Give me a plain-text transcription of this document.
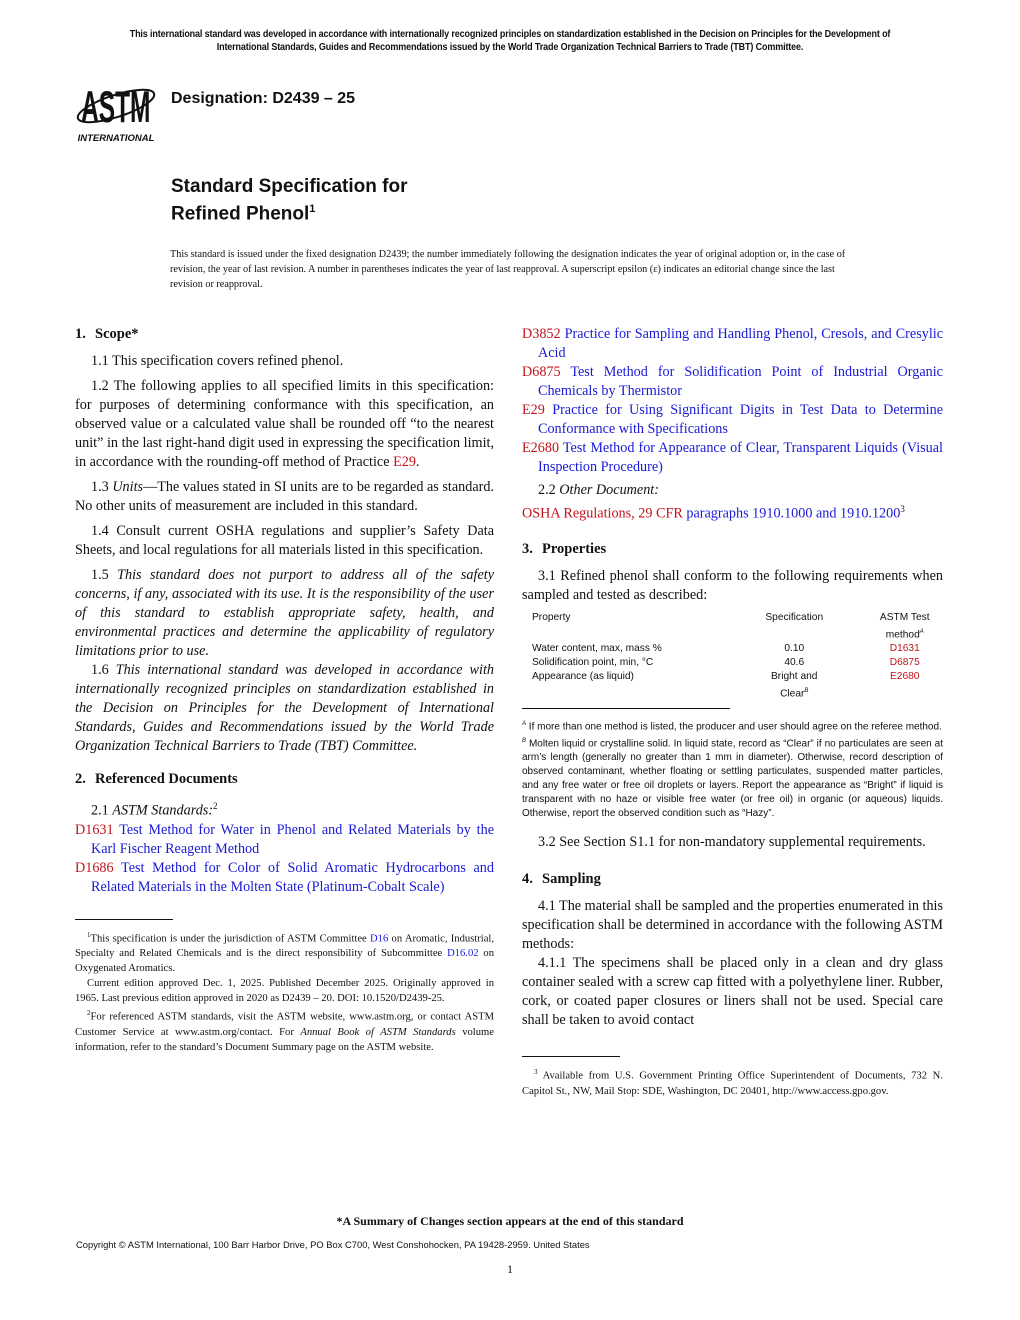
This international standard was developed in accordance with internationally recognized principles on standardization established in the Decision on Principles for the Development of International Standards, Guides and Recommendations issued by the World Trade Organization Technical Barriers to Trade (TBT) Committee.
ASTM
INTERNATIONAL
Designation: D2439 – 25
Standard Specification for
Refined Phenol$^1$
This standard is issued under the fixed designation D2439; the number immediately following the designation indicates the year of original adoption or, in the case of revision, the year of last revision. A number in parentheses indicates the year of last reapproval. A superscript epsilon (ε) indicates an editorial change since the last revision or reapproval.
1. Scope*

1.1 This specification covers refined phenol.

1.2 The following applies to all specified limits in this specification: for purposes of determining conformance with this specification, an observed value or a calculated value shall be rounded off “to the nearest unit” in the last right-hand digit used in expressing the specification limit, in accordance with the rounding-off method of Practice E29.

1.3 Units—The values stated in SI units are to be regarded as standard. No other units of measurement are included in this standard.

1.4 Consult current OSHA regulations and supplier’s Safety Data Sheets, and local regulations for all materials listed in this specification.

1.5 This standard does not purport to address all of the safety concerns, if any, associated with its use. It is the responsibility of the user of this standard to establish appropriate safety, health, and environmental practices and determine the applicability of regulatory limitations prior to use.

1.6 This international standard was developed in accordance with internationally recognized principles on standardization established in the Decision on Principles for the Development of International Standards, Guides and Recommendations issued by the World Trade Organization Technical Barriers to Trade (TBT) Committee.

2. Referenced Documents

2.1 ASTM Standards:$^2$

D1631 Test Method for Water in Phenol and Related Materials by the Karl Fischer Reagent Method

D1686 Test Method for Color of Solid Aromatic Hydrocarbons and Related Materials in the Molten State (Platinum-Cobalt Scale)

$^1$This specification is under the jurisdiction of ASTM Committee D16 on Aromatic, Industrial, Specialty and Related Chemicals and is the direct responsibility of Subcommittee D16.02 on Oxygenated Aromatics.

Current edition approved Dec. 1, 2025. Published December 2025. Originally approved in 1965. Last previous edition approved in 2020 as D2439 – 20. DOI: 10.1520/D2439-25.

$^2$For referenced ASTM standards, visit the ASTM website, www.astm.org, or contact ASTM Customer Service at www.astm.org/contact. For Annual Book of ASTM Standards volume information, refer to the standard’s Document Summary page on the ASTM website.

D3852 Practice for Sampling and Handling Phenol, Cresols, and Cresylic Acid

D6875 Test Method for Solidification Point of Industrial Organic Chemicals by Thermistor

E29 Practice for Using Significant Digits in Test Data to Determine Conformance with Specifications

E2680 Test Method for Appearance of Clear, Transparent Liquids (Visual Inspection Procedure)

2.2 Other Document:

OSHA Regulations, 29 CFR paragraphs 1910.1000 and 1910.1200$^3$

3. Properties

3.1 Refined phenol shall conform to the following requirements when sampled and tested as described:

Property	Specification	ASTM Test method$^A$
Water content, max, mass %	0.10	D1631
Solidification point, min, °C	40.6	D6875
Appearance (as liquid)	Bright and Clear$^B$	E2680

$^A$ If more than one method is listed, the producer and user should agree on the referee method.

$^B$ Molten liquid or crystalline solid. In liquid state, record as “Clear” if no particulates are seen at arm’s length (generally no greater than 1 mm in diameter). Otherwise, record description of observed contaminant, whether floating or settling particulates, suspended matter particles, and any free water or free oil droplets or layers. Report the appearance as “Bright” if liquid is transparent with no haze or visible free water (or free oil) in organic (or aqueous) liquids. Otherwise, report the observed condition such as “Hazy”.

3.2 See Section S1.1 for non-mandatory supplemental requirements.

4. Sampling

4.1 The material shall be sampled and the properties enumerated in this specification shall be determined in accordance with the following ASTM methods:

4.1.1 The specimens shall be placed only in a clean and dry glass container sealed with a screw cap fitted with a polyethylene liner. Rubber, cork, or coated paper closures or liners shall not be used. Special care shall be taken to avoid contact

$^3$ Available from U.S. Government Printing Office Superintendent of Documents, 732 N. Capitol St., NW, Mail Stop: SDE, Washington, DC 20401, http://www.access.gpo.gov.

*A Summary of Changes section appears at the end of this standard
Copyright © ASTM International, 100 Barr Harbor Drive, PO Box C700, West Conshohocken, PA 19428-2959. United States
1
